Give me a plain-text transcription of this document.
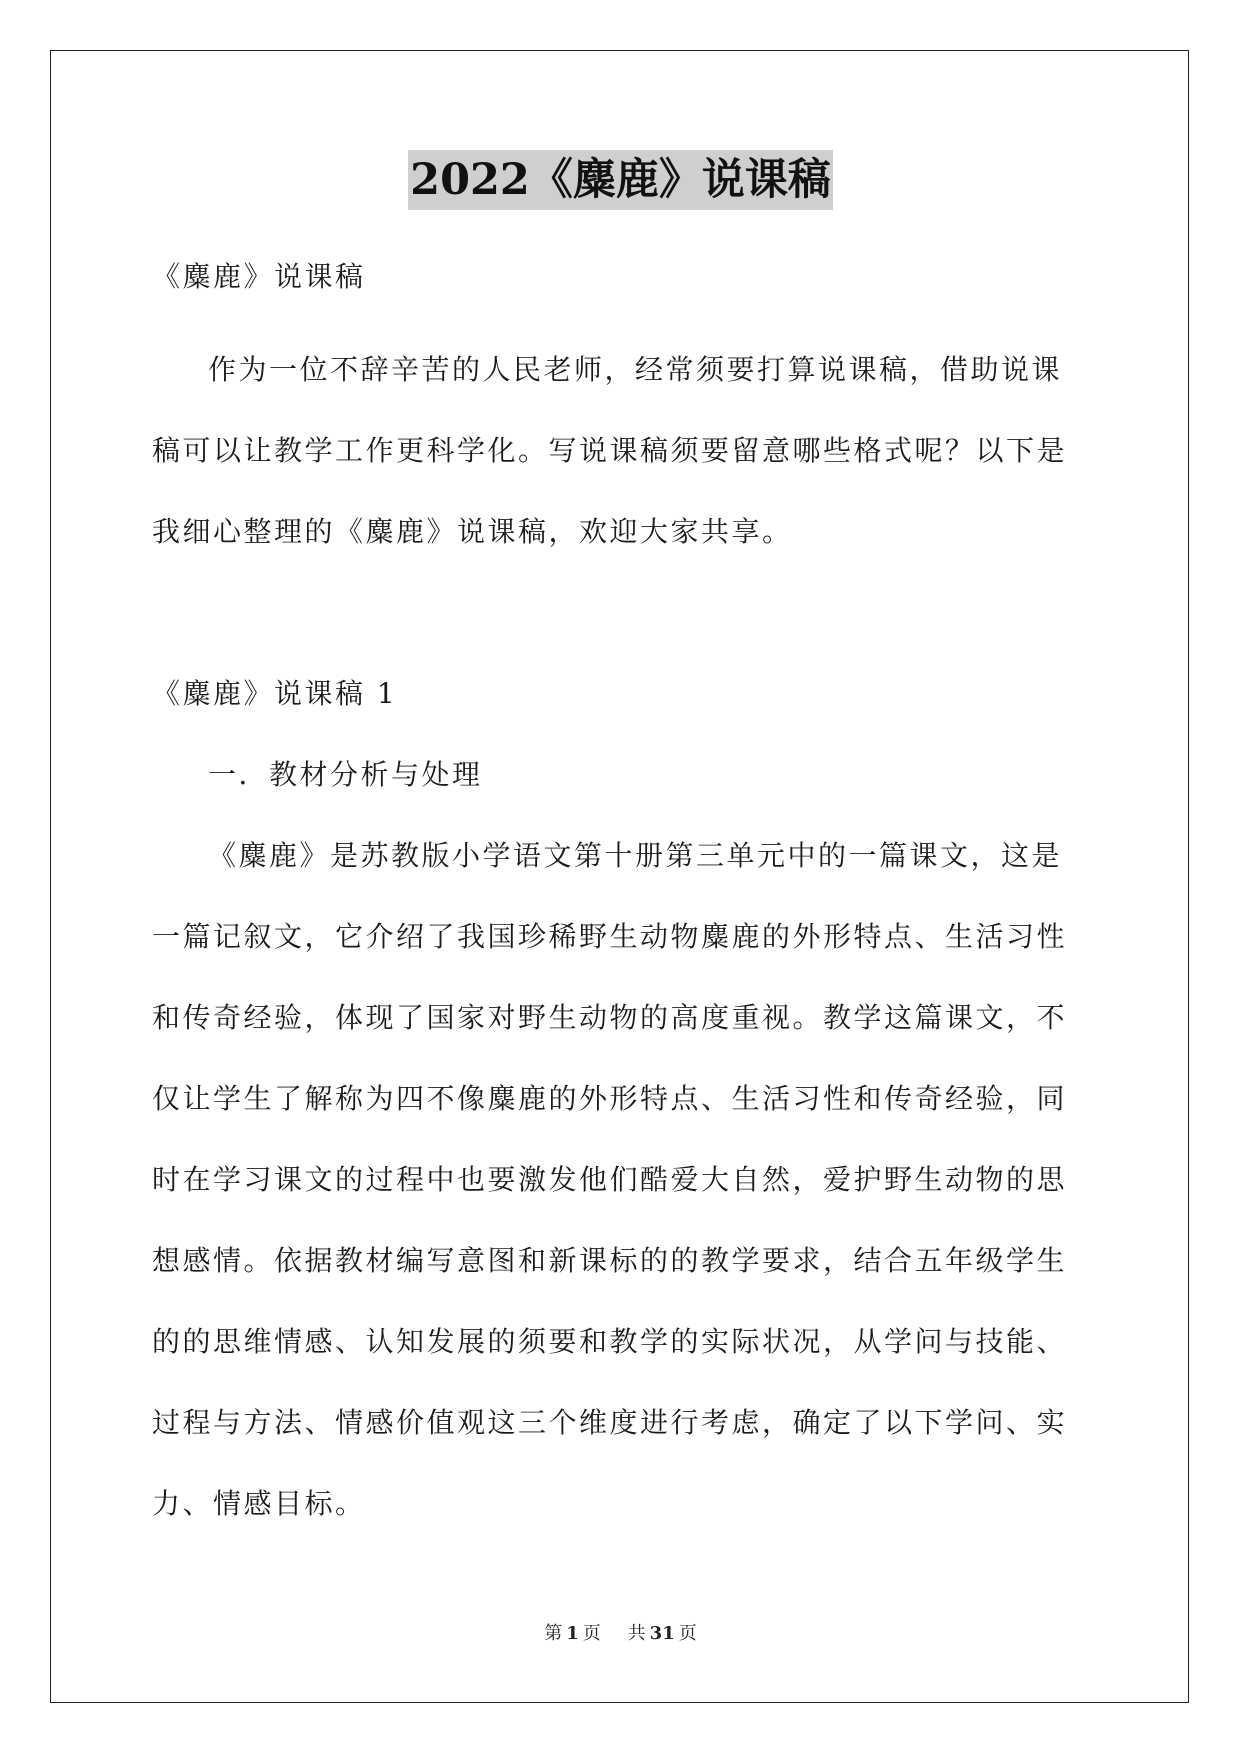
2022《麋鹿》说课稿

《麋鹿》说课稿

作为一位不辞辛苦的人民老师，经常须要打算说课稿，借助说课

稿可以让教学工作更科学化。写说课稿须要留意哪些格式呢？以下是

我细心整理的《麋鹿》说课稿，欢迎大家共享。

《麋鹿》说课稿 1

一．教材分析与处理

《麋鹿》是苏教版小学语文第十册第三单元中的一篇课文，这是

一篇记叙文，它介绍了我国珍稀野生动物麋鹿的外形特点、生活习性

和传奇经验，体现了国家对野生动物的高度重视。教学这篇课文，不

仅让学生了解称为四不像麋鹿的外形特点、生活习性和传奇经验，同

时在学习课文的过程中也要激发他们酷爱大自然，爱护野生动物的思

想感情。依据教材编写意图和新课标的的教学要求，结合五年级学生

的的思维情感、认知发展的须要和教学的实际状况，从学问与技能、

过程与方法、情感价值观这三个维度进行考虑，确定了以下学问、实

力、情感目标。

第 1 页 共 31 页
